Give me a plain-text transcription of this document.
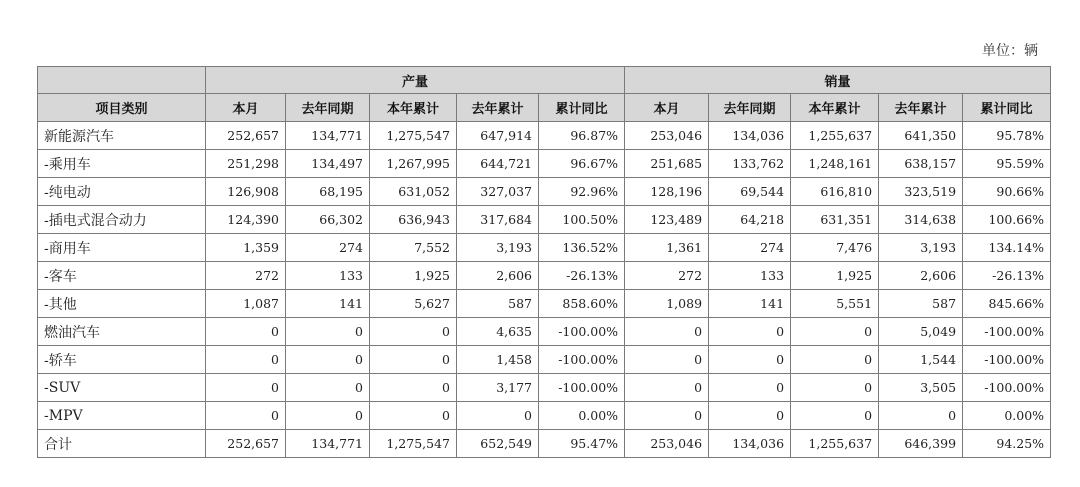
单位：辆
	产量					销量				
项目类别	本月	去年同期	本年累计	去年累计	累计同比	本月	去年同期	本年累计	去年累计	累计同比
新能源汽车	252,657	134,771	1,275,547	647,914	96.87%	253,046	134,036	1,255,637	641,350	95.78%
-乘用车	251,298	134,497	1,267,995	644,721	96.67%	251,685	133,762	1,248,161	638,157	95.59%
-纯电动	126,908	68,195	631,052	327,037	92.96%	128,196	69,544	616,810	323,519	90.66%
-插电式混合动力	124,390	66,302	636,943	317,684	100.50%	123,489	64,218	631,351	314,638	100.66%
-商用车	1,359	274	7,552	3,193	136.52%	1,361	274	7,476	3,193	134.14%
-客车	272	133	1,925	2,606	-26.13%	272	133	1,925	2,606	-26.13%
-其他	1,087	141	5,627	587	858.60%	1,089	141	5,551	587	845.66%
燃油汽车	0	0	0	4,635	-100.00%	0	0	0	5,049	-100.00%
-轿车	0	0	0	1,458	-100.00%	0	0	0	1,544	-100.00%
-SUV	0	0	0	3,177	-100.00%	0	0	0	3,505	-100.00%
-MPV	0	0	0	0	0.00%	0	0	0	0	0.00%
合计	252,657	134,771	1,275,547	652,549	95.47%	253,046	134,036	1,255,637	646,399	94.25%
